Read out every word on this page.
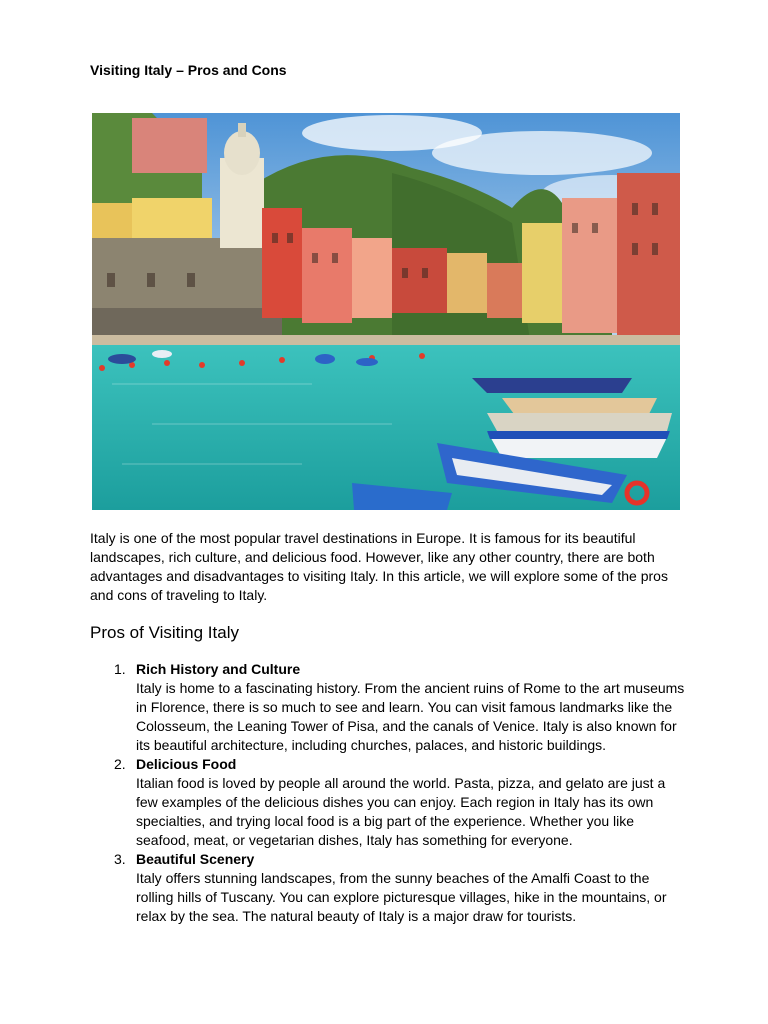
Visiting Italy – Pros and Cons

Italy is one of the most popular travel destinations in Europe. It is famous for its beautiful landscapes, rich culture, and delicious food. However, like any other country, there are both advantages and disadvantages to visiting Italy. In this article, we will explore some of the pros and cons of traveling to Italy.

Pros of Visiting Italy
1. Rich History and Culture
Italy is home to a fascinating history. From the ancient ruins of Rome to the art museums in Florence, there is so much to see and learn. You can visit famous landmarks like the Colosseum, the Leaning Tower of Pisa, and the canals of Venice. Italy is also known for its beautiful architecture, including churches, palaces, and historic buildings.
2. Delicious Food
Italian food is loved by people all around the world. Pasta, pizza, and gelato are just a few examples of the delicious dishes you can enjoy. Each region in Italy has its own specialties, and trying local food is a big part of the experience. Whether you like seafood, meat, or vegetarian dishes, Italy has something for everyone.
3. Beautiful Scenery
Italy offers stunning landscapes, from the sunny beaches of the Amalfi Coast to the rolling hills of Tuscany. You can explore picturesque villages, hike in the mountains, or relax by the sea. The natural beauty of Italy is a major draw for tourists.
